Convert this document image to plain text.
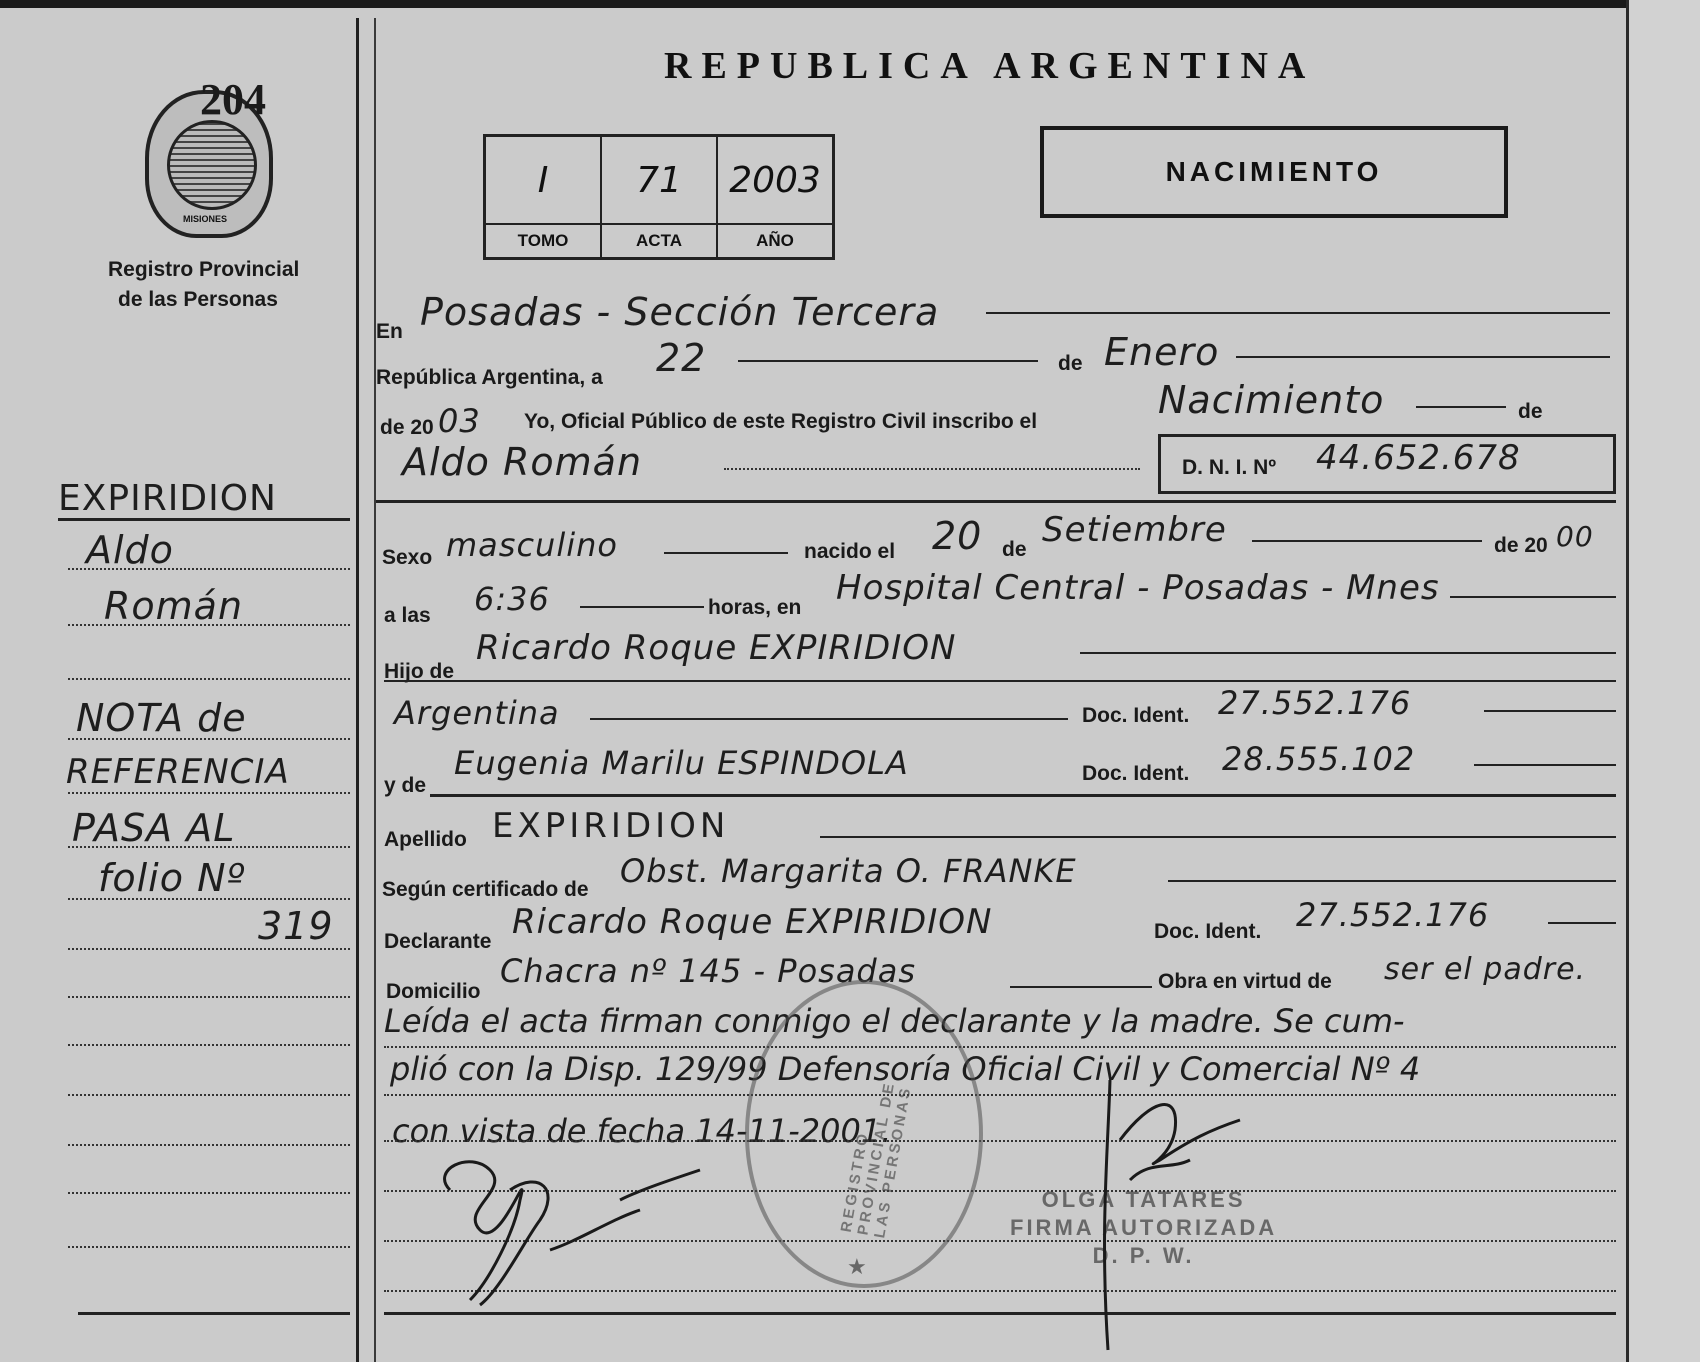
MISIONES
204
Registro Provincial
de las Personas
REPUBLICA ARGENTINA
I	71	2003
TOMO	ACTA	AÑO
NACIMIENTO
EXPIRIDION
Aldo
Román
NOTA de
REFERENCIA
PASA AL
folio Nº
319
En Posadas - Sección Tercera
República Argentina, a 22	de Enero
de 20 03 Yo, Oficial Público de este Registro Civil inscribo el	Nacimiento	de
Aldo Román	D. N. I. Nº 44.652.678
Sexo masculino	nacido el 20 de Setiembre	de 20 00
a las 6:36	horas, en Hospital Central - Posadas - Mnes
Hijo de
Ricardo Roque EXPIRIDION
Argentina	Doc. Ident. 27.552.176
y de
Eugenia Marilu ESPINDOLA	Doc. Ident. 28.555.102
Apellido EXPIRIDION
Según certificado de Obst. Margarita O. FRANKE
Declarante Ricardo Roque EXPIRIDION	Doc. Ident. 27.552.176
Domicilio
Chacra nº 145 - Posadas	Obra en virtud de ser el padre.
Leída el acta firman conmigo el declarante y la madre. Se cum-
plió con la Disp. 129/99 Defensoría Oficial Civil y Comercial Nº 4
con vista de fecha 14-11-2001.
REGISTRO PROVINCIAL DE LAS PERSONAS
★
OLGA TATARES
FIRMA AUTORIZADA
D. P. W.
